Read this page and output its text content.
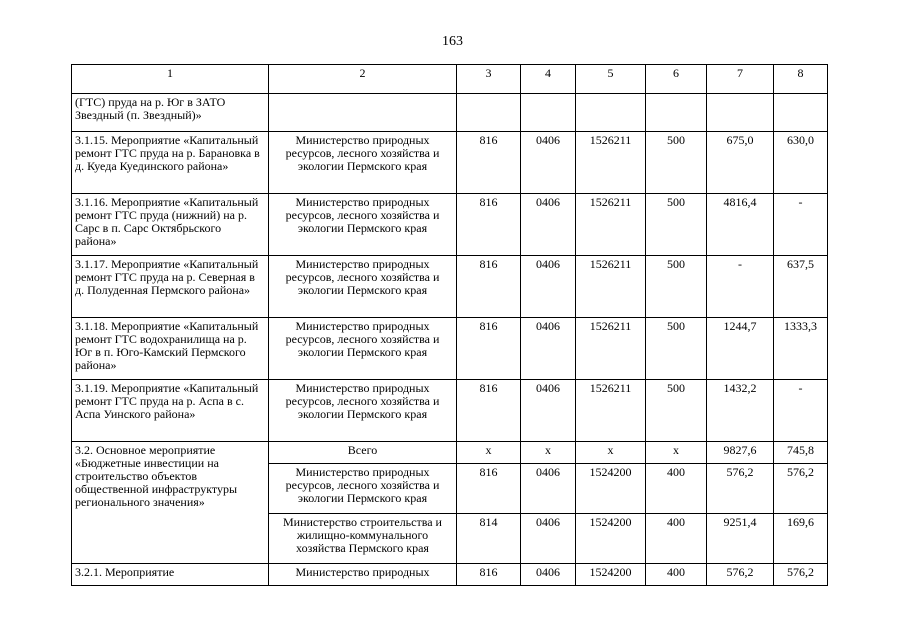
163
1	2	3	4	5	6	7	8
(ГТС) пруда на р. Юг в ЗАТО Звездный (п. Звездный)»							
3.1.15. Мероприятие «Капитальный ремонт ГТС пруда на р. Барановка в д. Куеда Куединского района»	Министерство природных ресурсов, лесного хозяйства и экологии Пермского края	816	0406	1526211	500	675,0	630,0
3.1.16. Мероприятие «Капитальный ремонт ГТС пруда (нижний) на р. Сарс в п. Сарс Октябрьского района»	Министерство природных ресурсов, лесного хозяйства и экологии Пермского края	816	0406	1526211	500	4816,4	-
3.1.17. Мероприятие «Капитальный ремонт ГТС пруда на р. Северная в д. Полуденная Пермского района»	Министерство природных ресурсов, лесного хозяйства и экологии Пермского края	816	0406	1526211	500	-	637,5
3.1.18. Мероприятие «Капитальный ремонт ГТС водохранилища на р. Юг в п. Юго-Камский Пермского района»	Министерство природных ресурсов, лесного хозяйства и экологии Пермского края	816	0406	1526211	500	1244,7	1333,3
3.1.19. Мероприятие «Капитальный ремонт ГТС пруда на р. Аспа в с. Аспа Уинского района»	Министерство природных ресурсов, лесного хозяйства и экологии Пермского края	816	0406	1526211	500	1432,2	-
3.2. Основное мероприятие «Бюджетные инвестиции на строительство объектов общественной инфраструктуры регионального значения»	Всего	х	х	х	х	9827,6	745,8
	Министерство природных ресурсов, лесного хозяйства и экологии Пермского края	816	0406	1524200	400	576,2	576,2
	Министерство строительства и жилищно-коммунального хозяйства Пермского края	814	0406	1524200	400	9251,4	169,6
3.2.1. Мероприятие	Министерство природных	816	0406	1524200	400	576,2	576,2
